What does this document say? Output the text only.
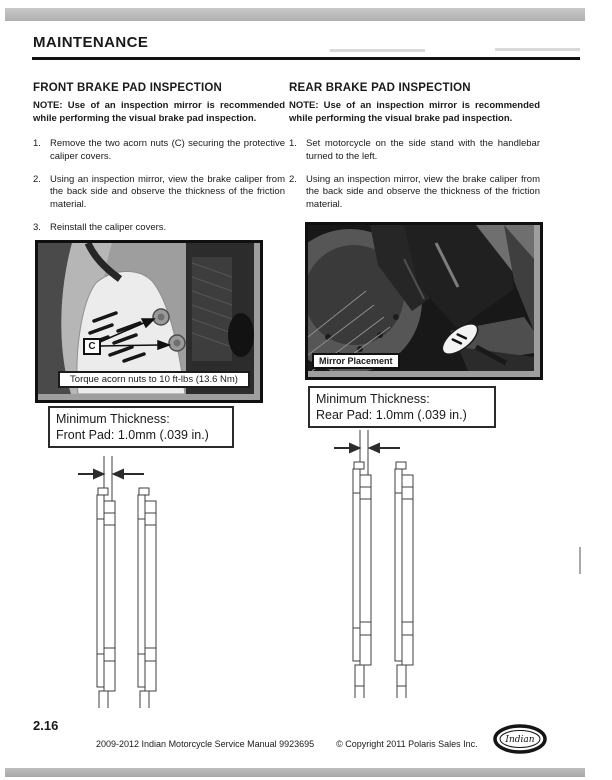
MAINTENANCE
FRONT BRAKE PAD INSPECTION

NOTE: Use of an inspection mirror is recommended while performing the visual brake pad inspection.

1. Remove the two acorn nuts (C) securing the protective caliper covers.
2. Using an inspection mirror, view the brake caliper from the back side and observe the thickness of the friction material.
3. Reinstall the caliper covers.
C
Torque acorn nuts to 10 ft-lbs (13.6 Nm)
Minimum Thickness:
Front Pad: 1.0mm (.039 in.)
REAR BRAKE PAD INSPECTION

NOTE: Use of an inspection mirror is recommended while performing the visual brake pad inspection.

1. Set motorcycle on the side stand with the handlebar turned to the left.
2. Using an inspection mirror, view the brake caliper from the back side and observe the thickness of the friction material.
Mirror Placement
Minimum Thickness:
Rear Pad: 1.0mm (.039 in.)
2.16
2009-2012 Indian Motorcycle Service Manual 9923695 © Copyright 2011 Polaris Sales Inc.	Indian
